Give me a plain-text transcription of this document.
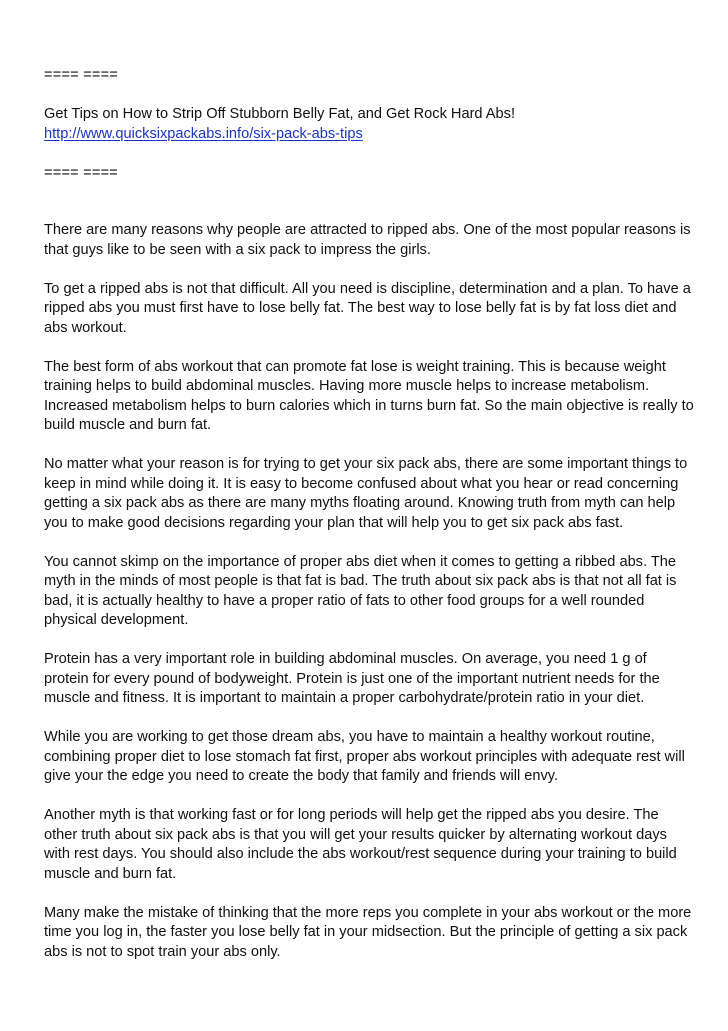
==== ====

Get Tips on How to Strip Off Stubborn Belly Fat, and Get Rock Hard Abs!

http://www.quicksixpackabs.info/six-pack-abs-tips
==== ====

There are many reasons why people are attracted to ripped abs. One of the most popular reasons is that guys like to be seen with a six pack to impress the girls.

To get a ripped abs is not that difficult. All you need is discipline, determination and a plan. To have a ripped abs you must first have to lose belly fat. The best way to lose belly fat is by fat loss diet and abs workout.

The best form of abs workout that can promote fat lose is weight training. This is because weight training helps to build abdominal muscles. Having more muscle helps to increase metabolism. Increased metabolism helps to burn calories which in turns burn fat. So the main objective is really to build muscle and burn fat.

No matter what your reason is for trying to get your six pack abs, there are some important things to keep in mind while doing it. It is easy to become confused about what you hear or read concerning getting a six pack abs as there are many myths floating around. Knowing truth from myth can help you to make good decisions regarding your plan that will help you to get six pack abs fast.

You cannot skimp on the importance of proper abs diet when it comes to getting a ribbed abs. The myth in the minds of most people is that fat is bad. The truth about six pack abs is that not all fat is bad, it is actually healthy to have a proper ratio of fats to other food groups for a well rounded physical development.

Protein has a very important role in building abdominal muscles. On average, you need 1 g of protein for every pound of bodyweight. Protein is just one of the important nutrient needs for the muscle and fitness. It is important to maintain a proper carbohydrate/protein ratio in your diet.

While you are working to get those dream abs, you have to maintain a healthy workout routine, combining proper diet to lose stomach fat first, proper abs workout principles with adequate rest will give your the edge you need to create the body that family and friends will envy.

Another myth is that working fast or for long periods will help get the ripped abs you desire. The other truth about six pack abs is that you will get your results quicker by alternating workout days with rest days. You should also include the abs workout/rest sequence during your training to build muscle and burn fat.

Many make the mistake of thinking that the more reps you complete in your abs workout or the more time you log in, the faster you lose belly fat in your midsection. But the principle of getting a six pack abs is not to spot train your abs only.
